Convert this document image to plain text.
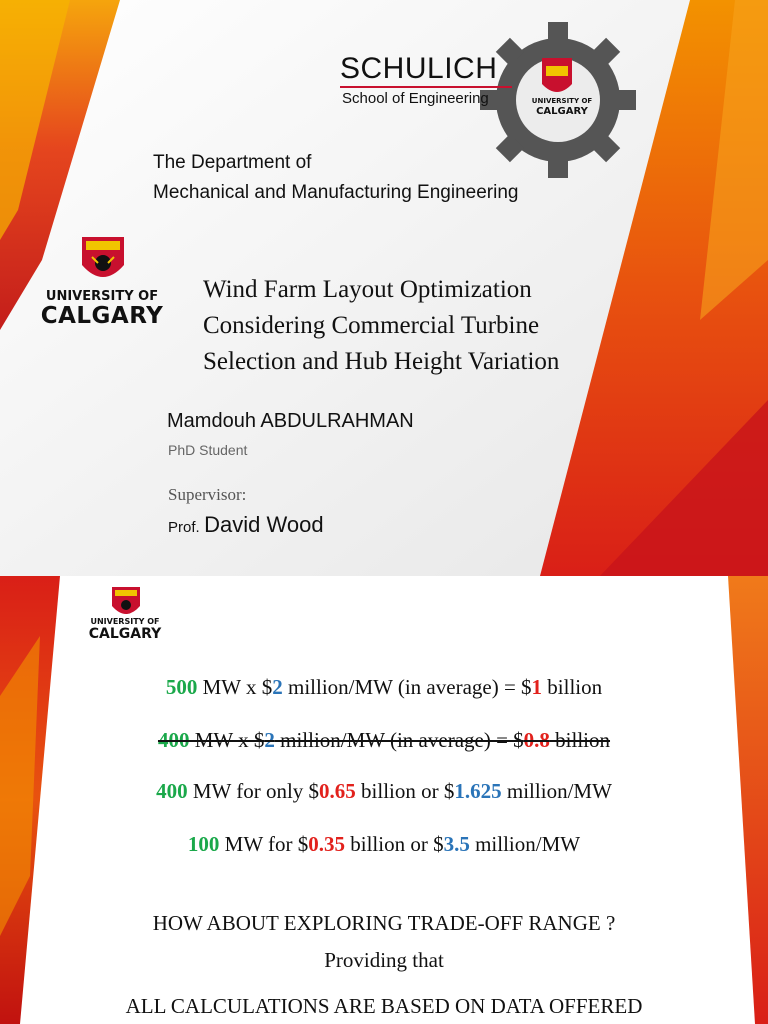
SCHULICH
School of Engineering	UNIVERSITY OF
CALGARY
The Department of
Mechanical and Manufacturing Engineering
UNIVERSITY OF
CALGARY
Wind Farm Layout Optimization
Considering Commercial Turbine
Selection and Hub Height Variation
Mamdouh ABDULRAHMAN
PhD Student
Supervisor:
Prof. David Wood
UNIVERSITY OF
CALGARY
500 MW x $2 million/MW (in average) = $1 billion
400 MW x $2 million/MW (in average) = $0.8 billion
400 MW for only $0.65 billion or $1.625 million/MW
100 MW for $0.35 billion or $3.5 million/MW
HOW ABOUT EXPLORING TRADE-OFF RANGE ?
Providing that
ALL CALCULATIONS ARE BASED ON DATA OFFERED
